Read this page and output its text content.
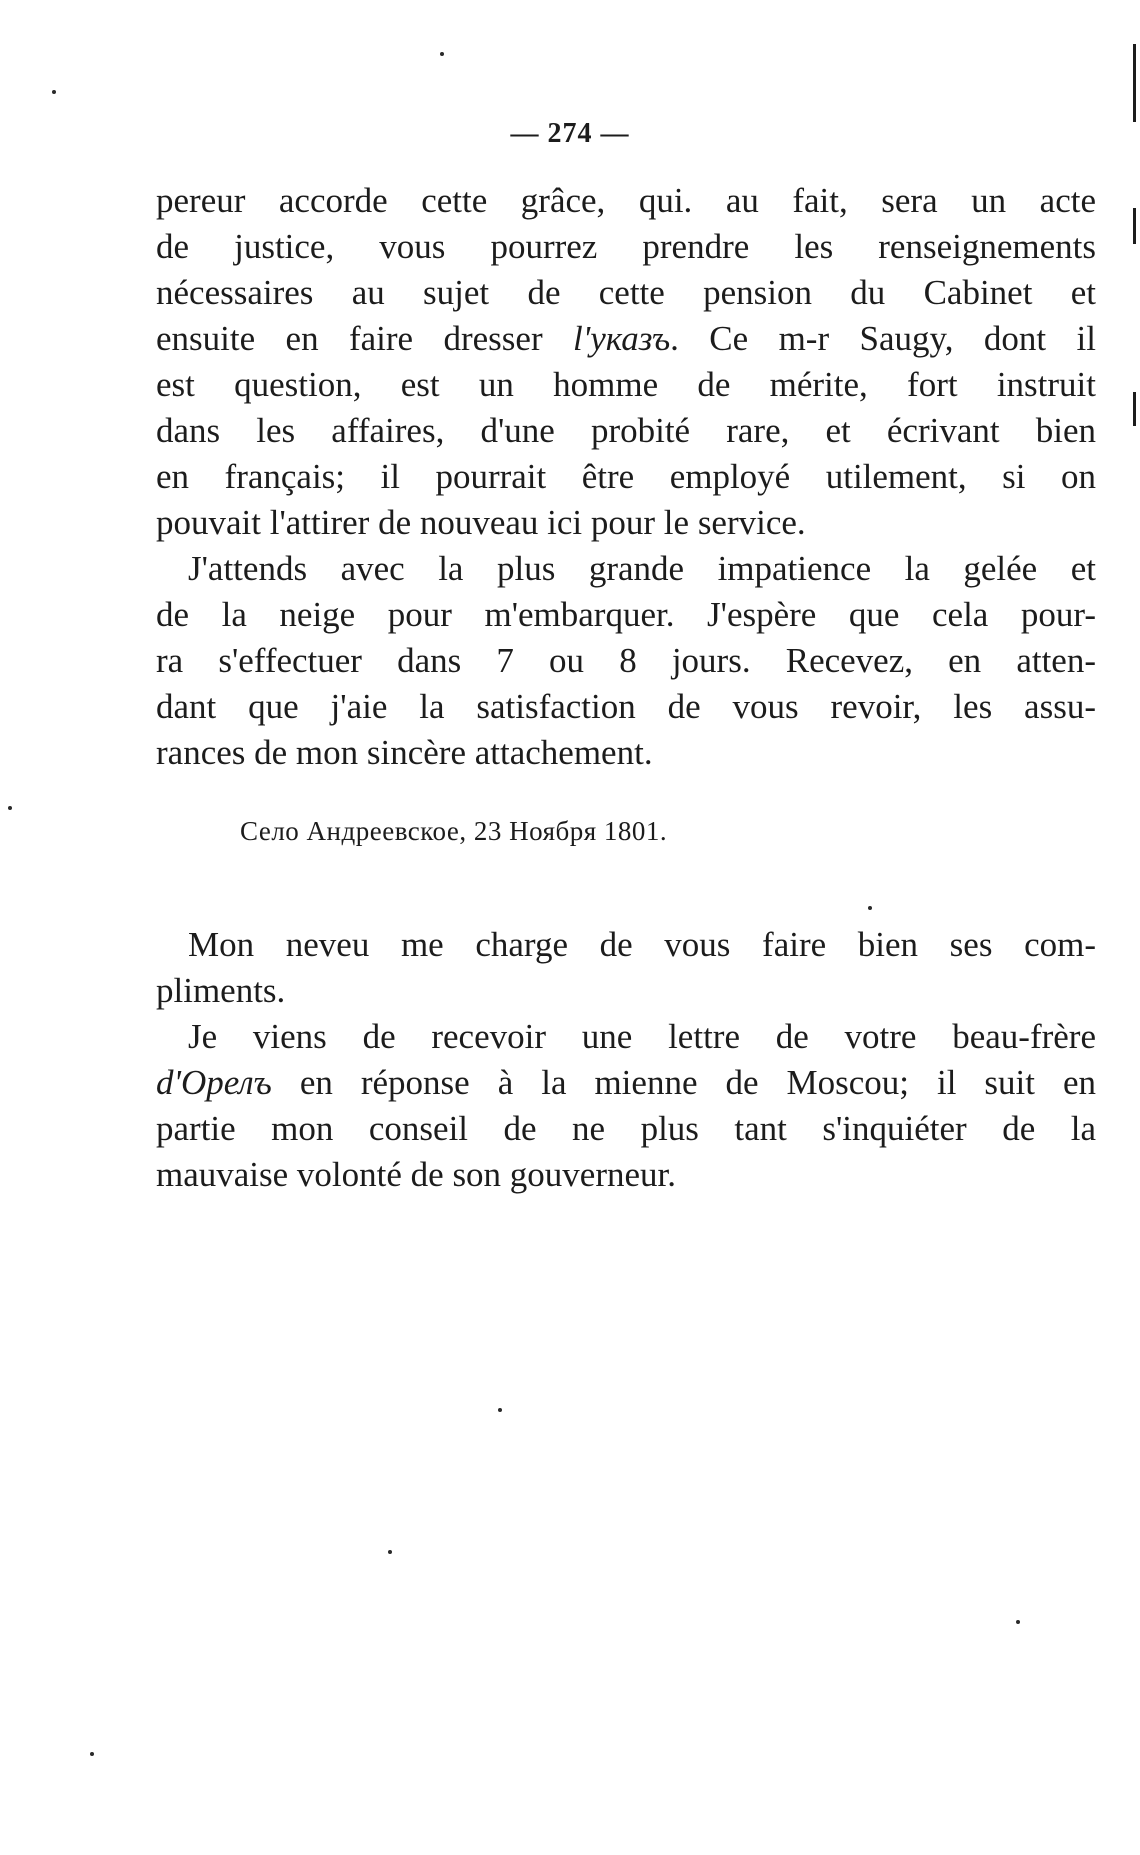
— 274 —
pereur accorde cette grâce, qui. au fait, sera un acte
de justice, vous pourrez prendre les renseignements
nécessaires au sujet de cette pension du Cabinet et
ensuite en faire dresser l'указъ. Ce m-r Saugy, dont il
est question, est un homme de mérite, fort instruit
dans les affaires, d'une probité rare, et écrivant bien
en français; il pourrait être employé utilement, si on
pouvait l'attirer de nouveau ici pour le service.
J'attends avec la plus grande impatience la gelée et
de la neige pour m'embarquer. J'espère que cela pour-
ra s'effectuer dans 7 ou 8 jours. Recevez, en atten-
dant que j'aie la satisfaction de vous revoir, les assu-
rances de mon sincère attachement.
Село Андреевское, 23 Ноября 1801.
Mon neveu me charge de vous faire bien ses com-
pliments.
Je viens de recevoir une lettre de votre beau-frère
d'Орелъ en réponse à la mienne de Moscou; il suit en
partie mon conseil de ne plus tant s'inquiéter de la
mauvaise volonté de son gouverneur.
